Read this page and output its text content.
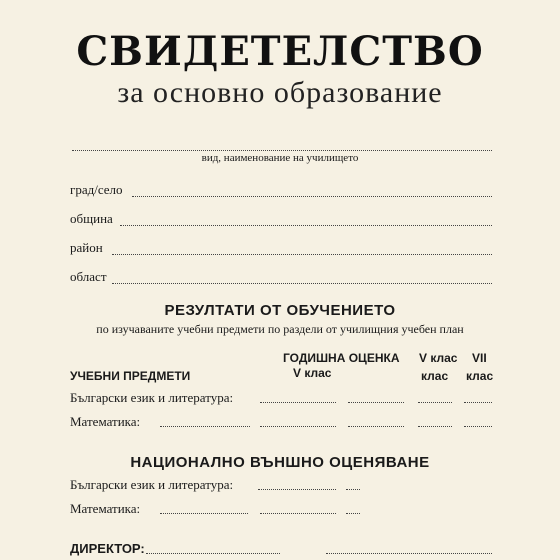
СВИДЕТЕЛСТВО
за основно образование
вид, наименование на училището
град/село
община
район
област
РЕЗУЛТАТИ ОТ ОБУЧЕНИЕТО
по изучаваните учебни предмети по раздели от училищния учебен план
ГОДИШНА ОЦЕНКА
V клас
V клас
клас
VII
клас
УЧЕБНИ ПРЕДМЕТИ
Български език и литература:
Математика:
НАЦИОНАЛНО ВЪНШНО ОЦЕНЯВАНЕ
Български език и литература:
Математика:
ДИРЕКТОР:
